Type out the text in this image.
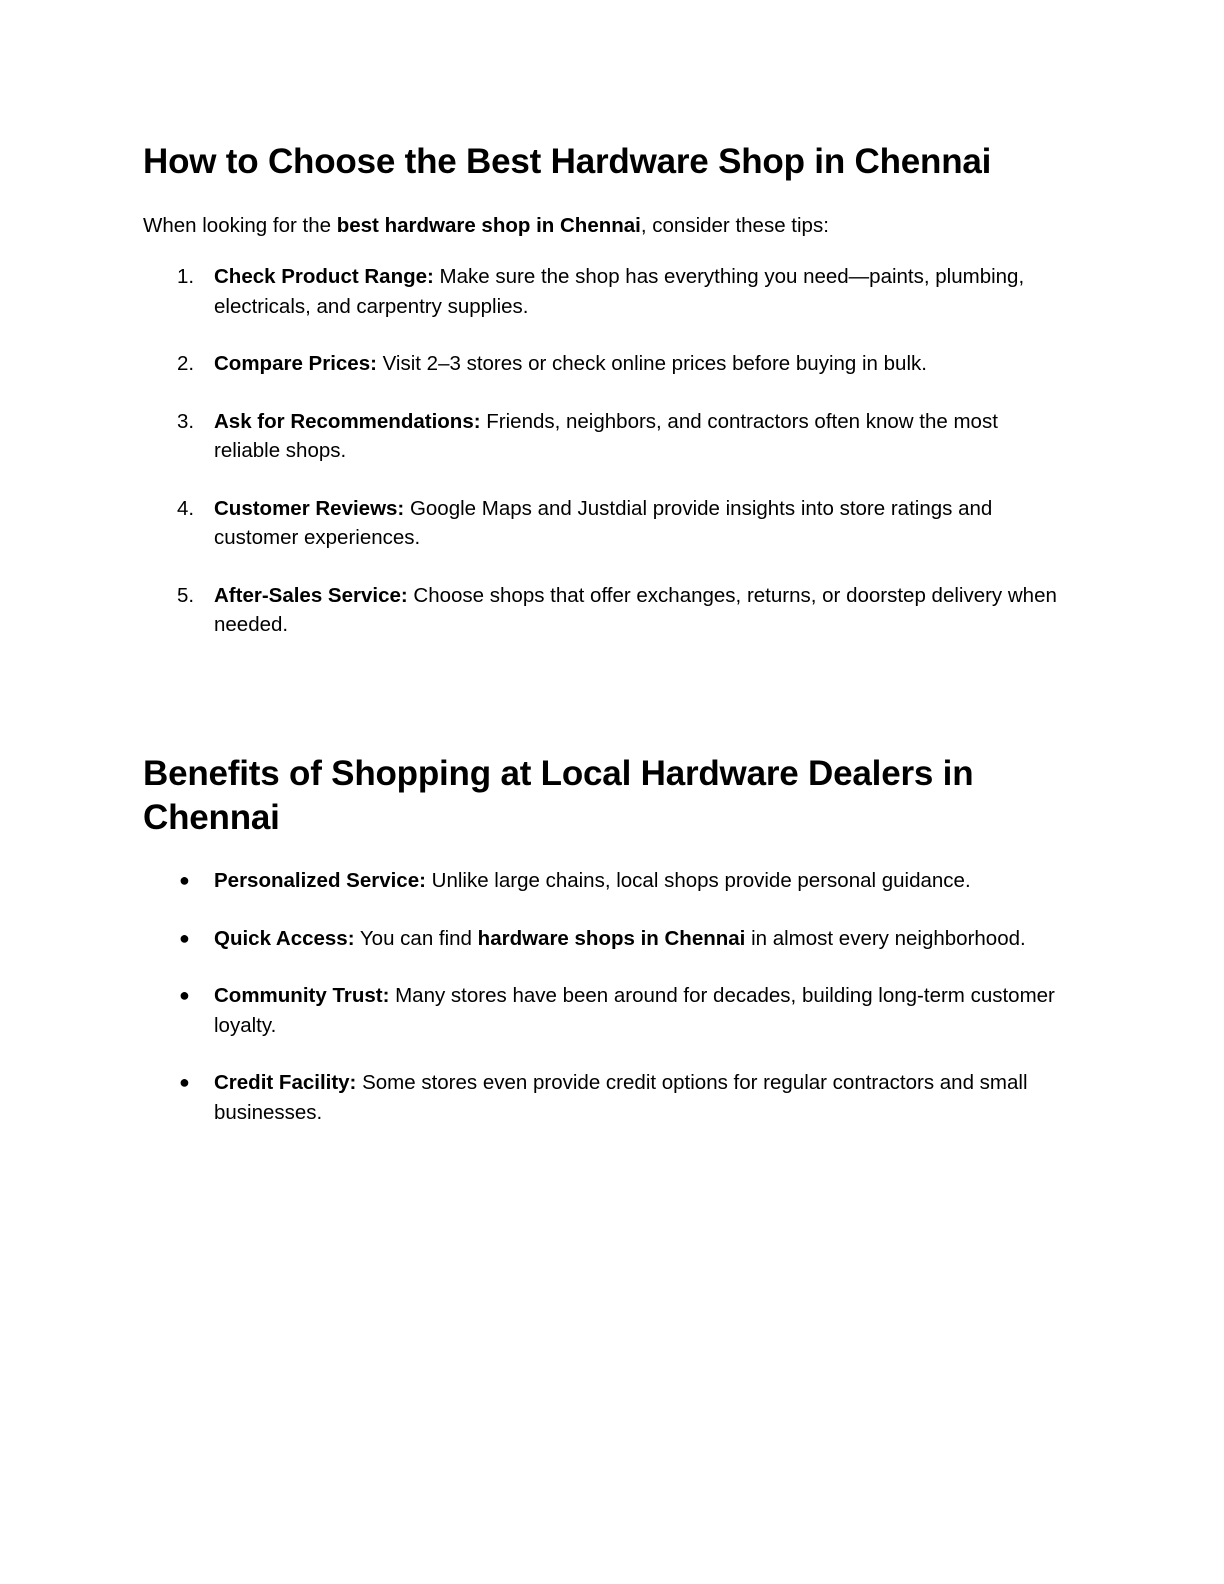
How to Choose the Best Hardware Shop in Chennai

When looking for the best hardware shop in Chennai, consider these tips:

1. Check Product Range: Make sure the shop has everything you need—paints, plumbing, electricals, and carpentry supplies.
2. Compare Prices: Visit 2–3 stores or check online prices before buying in bulk.
3. Ask for Recommendations: Friends, neighbors, and contractors often know the most reliable shops.
4. Customer Reviews: Google Maps and Justdial provide insights into store ratings and customer experiences.
5. After-Sales Service: Choose shops that offer exchanges, returns, or doorstep delivery when needed.
Benefits of Shopping at Local Hardware Dealers in Chennai
● Personalized Service: Unlike large chains, local shops provide personal guidance.
● Quick Access: You can find hardware shops in Chennai in almost every neighborhood.
● Community Trust: Many stores have been around for decades, building long-term customer loyalty.
● Credit Facility: Some stores even provide credit options for regular contractors and small businesses.
